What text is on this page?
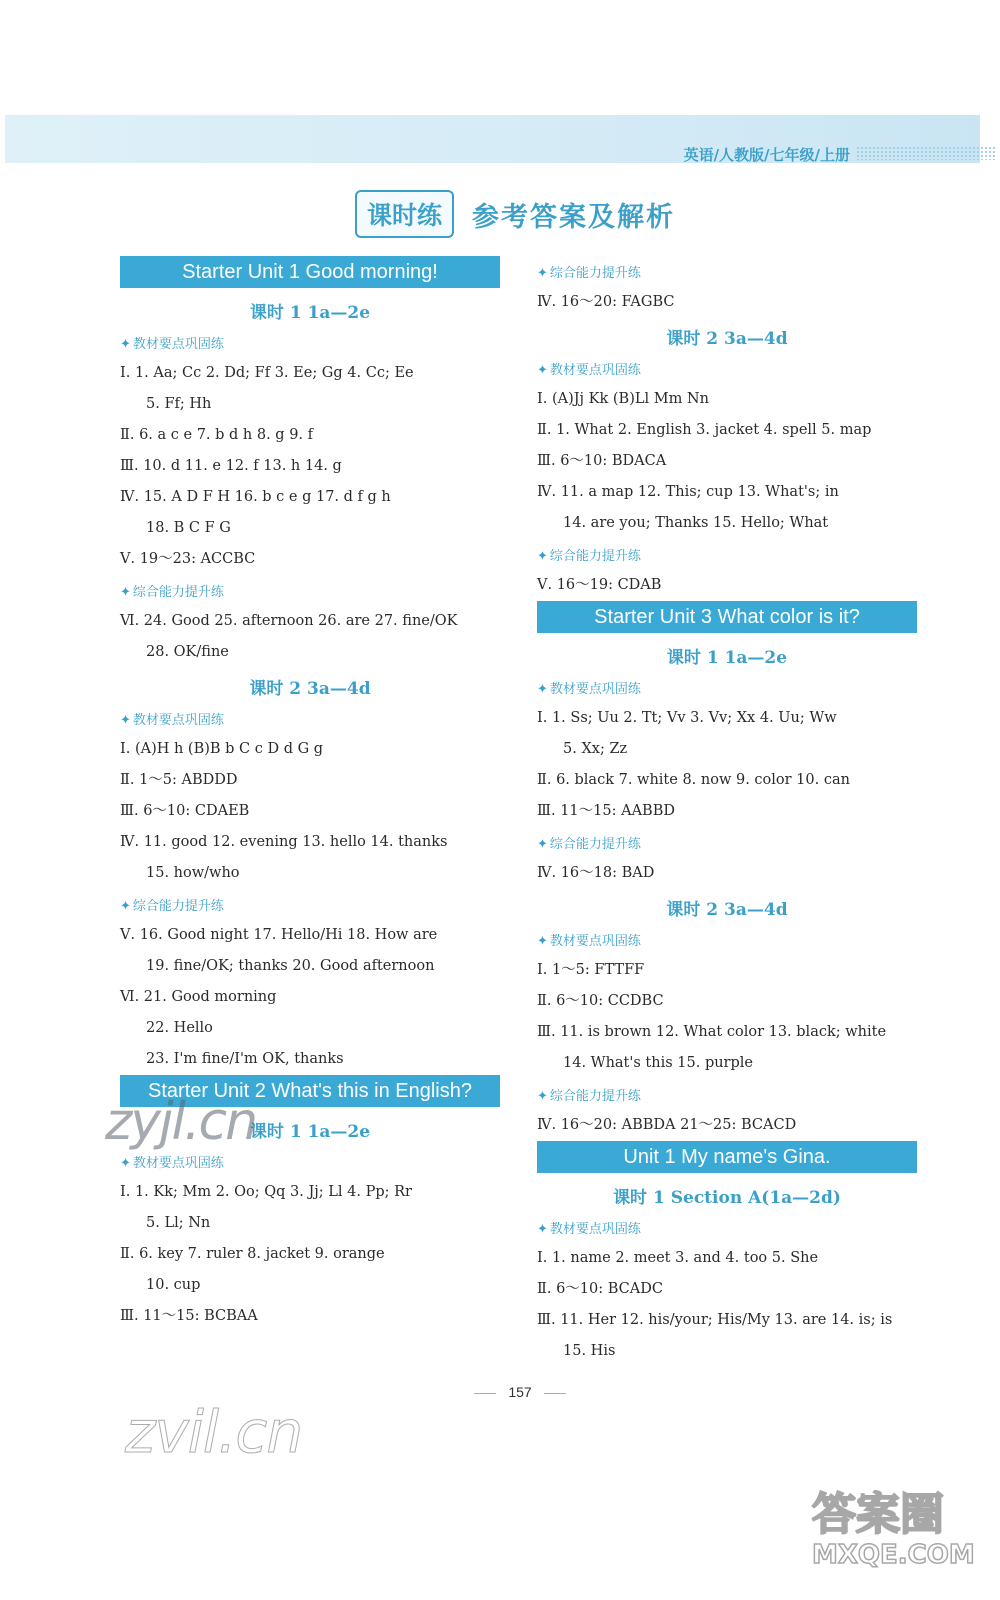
英语/人教版/七年级/上册
课时练	参考答案及解析
Starter Unit 1 Good morning!
课时 1 1a—2e
✦ 教材要点巩固练
Ⅰ. 1. Aa; Cc 2. Dd; Ff 3. Ee; Gg 4. Cc; Ee
5. Ff; Hh
Ⅱ. 6. a c e 7. b d h 8. g 9. f
Ⅲ. 10. d 11. e 12. f 13. h 14. g
Ⅳ. 15. A D F H 16. b c e g 17. d f g h
18. B C F G
Ⅴ. 19～23: ACCBC
✦ 综合能力提升练
Ⅵ. 24. Good 25. afternoon 26. are 27. fine/OK
28. OK/fine
课时 2 3a—4d
✦ 教材要点巩固练
Ⅰ. (A)H h (B)B b C c D d G g
Ⅱ. 1～5: ABDDD
Ⅲ. 6～10: CDAEB
Ⅳ. 11. good 12. evening 13. hello 14. thanks
15. how/who
✦ 综合能力提升练
Ⅴ. 16. Good night 17. Hello/Hi 18. How are
19. fine/OK; thanks 20. Good afternoon
Ⅵ. 21. Good morning
22. Hello
23. I'm fine/I'm OK, thanks
Starter Unit 2 What's this in English?
课时 1 1a—2e
✦ 教材要点巩固练
Ⅰ. 1. Kk; Mm 2. Oo; Qq 3. Jj; Ll 4. Pp; Rr
5. Ll; Nn
Ⅱ. 6. key 7. ruler 8. jacket 9. orange
10. cup
Ⅲ. 11～15: BCBAA
✦ 综合能力提升练
Ⅳ. 16～20: FAGBC
课时 2 3a—4d
✦ 教材要点巩固练
Ⅰ. (A)Jj Kk (B)Ll Mm Nn
Ⅱ. 1. What 2. English 3. jacket 4. spell 5. map
Ⅲ. 6～10: BDACA
Ⅳ. 11. a map 12. This; cup 13. What's; in
14. are you; Thanks 15. Hello; What
✦ 综合能力提升练
Ⅴ. 16～19: CDAB
Starter Unit 3 What color is it?
课时 1 1a—2e
✦ 教材要点巩固练
Ⅰ. 1. Ss; Uu 2. Tt; Vv 3. Vv; Xx 4. Uu; Ww
5. Xx; Zz
Ⅱ. 6. black 7. white 8. now 9. color 10. can
Ⅲ. 11～15: AABBD
✦ 综合能力提升练
Ⅳ. 16～18: BAD
课时 2 3a—4d
✦ 教材要点巩固练
Ⅰ. 1～5: FTTFF
Ⅱ. 6～10: CCDBC
Ⅲ. 11. is brown 12. What color 13. black; white
14. What's this 15. purple
✦ 综合能力提升练
Ⅳ. 16～20: ABBDA 21～25: BCACD
Unit 1 My name's Gina.
课时 1 Section A(1a—2d)
✦ 教材要点巩固练
Ⅰ. 1. name 2. meet 3. and 4. too 5. She
Ⅱ. 6～10: BCADC
Ⅲ. 11. Her 12. his/your; His/My 13. are 14. is; is
15. His
157
zyjl.cn
zvil.cn
答案圈
MXQE.COM
